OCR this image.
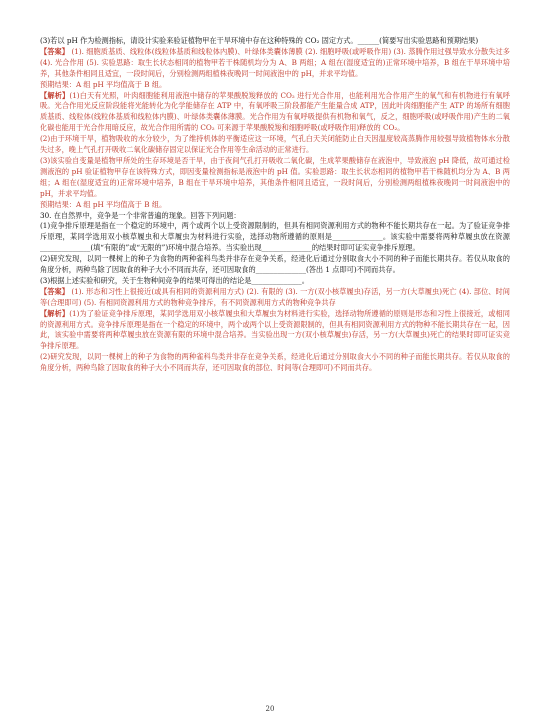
(3)若以 pH 作为检测指标，请设计实验来验证植物甲在干旱环境中存在这种特殊的 CO₂ 固定方式。______(简要写出实验思路和预期结果)

【答案】 (1). 细胞质基质、线粒体(线粒体基质和线粒体内膜)、叶绿体类囊体薄膜 (2). 细胞呼吸(或呼吸作用) (3). 蒸腾作用过强导致水分散失过多 (4). 光合作用 (5). 实验思路：取生长状态相同的植物甲若干株随机均分为 A、B 两组；A 组在(湿度适宜的)正常环境中培养，B 组在干旱环境中培养，其他条件相同且适宜，一段时间后，分别检测两组植株夜晚同一时间液泡中的 pH，并求平均值。

预期结果：A 组 pH 平均值高于 B 组。

【解析】(1)白天有光照，叶肉细胞能利用液泡中储存的苹果酸脱羧释放的 CO₂ 进行光合作用，也能利用光合作用产生的氧气和有机物进行有氧呼吸。光合作用光反应阶段能将光能转化为化学能储存在 ATP 中，有氧呼吸三阶段都能产生能量合成 ATP，因此叶肉细胞能产生 ATP 的场所有细胞质基质、线粒体(线粒体基质和线粒体内膜)、叶绿体类囊体薄膜。光合作用为有氧呼吸提供有机物和氧气，反之，细胞呼吸(或呼吸作用)产生的二氧化碳也能用于光合作用暗反应，故光合作用所需的 CO₂ 可来源于苹果酸脱羧和细胞呼吸(或呼吸作用)释放的 CO₂。

(2)由于环境干旱，植物吸收的水分较少，为了维持机体的平衡适应这一环境，气孔白天关闭能防止白天因温度较高蒸腾作用较强导致植物体水分散失过多，晚上气孔打开吸收二氧化碳储存固定以保证光合作用等生命活动的正常进行。

(3)该实验自变量是植物甲所处的生存环境是否干旱，由于夜间气孔打开吸收二氧化碳，生成苹果酸储存在液泡中，导致液泡 pH 降低，故可通过检测液泡的 pH 验证植物甲存在该特殊方式，即因变量检测指标是液泡中的 pH 值。实验思路：取生长状态相同的植物甲若干株随机均分为 A、B 两组；A 组在(湿度适宜的)正常环境中培养，B 组在干旱环境中培养，其他条件相同且适宜，一段时间后，分别检测两组植株夜晚同一时间液泡中的 pH，并求平均值。

预期结果：A 组 pH 平均值高于 B 组。

30. 在自然界中，竞争是一个非常普遍的现象。回答下列问题：

(1)竞争排斥原理是指在一个稳定的环境中，两个或两个以上受资源限制的，但具有相同资源利用方式的物种不能长期共存在一起。为了验证竞争排斥原理，某同学选用双小核草履虫和大草履虫为材料进行实验，选择动物所遵循的原则是______________。该实验中需要将两种草履虫放在资源______________(填“有限的”或“无限的”)环境中混合培养。当实验出现______________的结果时即可证实竞争排斥原理。

(2)研究发现，以同一棵树上的种子为食物的两种雀科鸟类并非存在竞争关系，经进化后通过分别取食大小不同的种子而能长期共存。若仅从取食的角度分析，两种鸟除了因取食的种子大小不同而共存，还可因取食的______________(答出 1 点即可)不同而共存。

(3)根据上述实验和研究，关于生物种间竞争的结果可得出的结论是______________。

【答案】 (1). 形态和习性上很接近(或具有相同的资源利用方式) (2). 有限的 (3). 一方(双小核草履虫)存活，另一方(大草履虫)死亡 (4). 部位、时间等(合理即可) (5). 有相同资源利用方式的物种竞争排斥，有不同资源利用方式的物种竞争共存

【解析】(1)为了验证竞争排斥原理，某同学选用双小核草履虫和大草履虫为材料进行实验，选择动物所遵循的原则是形态和习性上很接近，或相同的资源利用方式。竞争排斥原理是指在一个稳定的环境中，两个或两个以上受资源限制的，但具有相同资源利用方式的物种不能长期共存在一起，因此，该实验中需要将两种草履虫放在资源有限的环境中混合培养。当实验出现一方(双小核草履虫)存活，另一方(大草履虫)死亡的结果时即可证实竞争排斥原理。

(2)研究发现，以同一棵树上的种子为食物的两种雀科鸟类并非存在竞争关系，经进化后通过分别取食大小不同的种子而能长期共存。若仅从取食的角度分析，两种鸟除了因取食的种子大小不同而共存，还可因取食的部位、时间等(合理即可)不同而共存。

20
